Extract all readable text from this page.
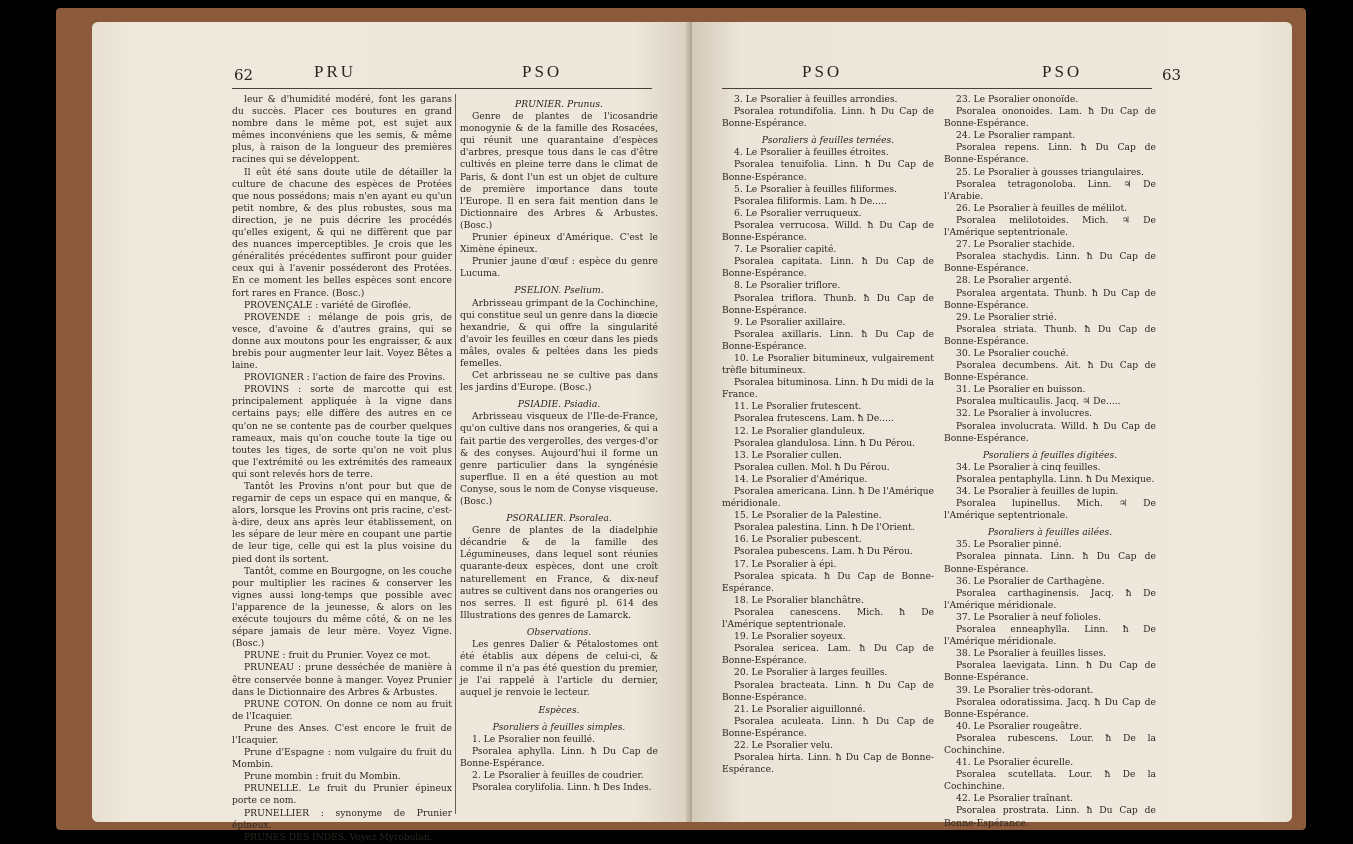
62	PRU	PSO

leur & d'humidité modéré, font les garans du succès. Placer ces boutures en grand nombre dans le même pot, est sujet aux mêmes inconvéniens que les semis, & même plus, à raison de la longueur des premières racines qui se développent.

Il eût été sans doute utile de détailler la culture de chacune des espèces de Protées que nous possédons; mais n'en ayant eu qu'un petit nombre, & des plus robustes, sous ma direction, je ne puis décrire les procédés qu'elles exigent, & qui ne diffèrent que par des nuances imperceptibles. Je crois que les généralités précédentes suffiront pour guider ceux qui à l'avenir posséderont des Protées. En ce moment les belles espèces sont encore fort rares en France. (Bosc.)

PROVENÇALE : variété de Giroflée.

PROVENDE : mélange de pois gris, de vesce, d'avoine & d'autres grains, qui se donne aux moutons pour les engraisser, & aux brebis pour augmenter leur lait. Voyez Bêtes a laine.

PROVIGNER : l'action de faire des Provins.

PROVINS : sorte de marcotte qui est principalement appliquée à la vigne dans certains pays; elle diffère des autres en ce qu'on ne se contente pas de courber quelques rameaux, mais qu'on couche toute la tige ou toutes les tiges, de sorte qu'on ne voit plus que l'extrémité ou les extrémités des rameaux qui sont relevés hors de terre.

Tantôt les Provins n'ont pour but que de regarnir de ceps un espace qui en manque, & alors, lorsque les Provins ont pris racine, c'est-à-dire, deux ans après leur établissement, on les sépare de leur mère en coupant une partie de leur tige, celle qui est la plus voisine du pied dont ils sortent.

Tantôt, comme en Bourgogne, on les couche pour multiplier les racines & conserver les vignes aussi long-temps que possible avec l'apparence de la jeunesse, & alors on les exécute toujours du même côté, & on ne les sépare jamais de leur mère. Voyez Vigne. (Bosc.)

PRUNE : fruit du Prunier. Voyez ce mot.

PRUNEAU : prune desséchée de manière à être conservée bonne à manger. Voyez Prunier dans le Dictionnaire des Arbres & Arbustes.

PRUNE COTON. On donne ce nom au fruit de l'Icaquier.

Prune des Anses. C'est encore le fruit de l'Icaquier.

Prune d'Espagne : nom vulgaire du fruit du Mombin.

Prune mombin : fruit du Mombin.

PRUNELLE. Le fruit du Prunier épineux porte ce nom.

PRUNELLIER : synonyme de Prunier épineux.

PRUNES DES INDES. Voyez Myrobolan.

PRUNIER. Prunus.

Genre de plantes de l'icosandrie monogynie & de la famille des Rosacées, qui réunit une quarantaine d'espèces d'arbres, presque tous dans le cas d'être cultivés en pleine terre dans le climat de Paris, & dont l'un est un objet de culture de première importance dans toute l'Europe. Il en sera fait mention dans le Dictionnaire des Arbres & Arbustes. (Bosc.)

Prunier épineux d'Amérique. C'est le Ximène épineux.

Prunier jaune d'œuf : espèce du genre Lucuma.

PSELION. Pselium.

Arbrisseau grimpant de la Cochinchine, qui constitue seul un genre dans la diœcie hexandrie, & qui offre la singularité d'avoir les feuilles en cœur dans les pieds mâles, ovales & peltées dans les pieds femelles.

Cet arbrisseau ne se cultive pas dans les jardins d'Europe. (Bosc.)

PSIADIE. Psiadia.

Arbrisseau visqueux de l'Ile-de-France, qu'on cultive dans nos orangeries, & qui a fait partie des vergerolles, des verges-d'or & des conyses. Aujourd'hui il forme un genre particulier dans la syngénésie superflue. Il en a été question au mot Conyse, sous le nom de Conyse visqueuse. (Bosc.)

PSORALIER. Psoralea.

Genre de plantes de la diadelphie décandrie & de la famille des Légumineuses, dans lequel sont réunies quarante-deux espèces, dont une croît naturellement en France, & dix-neuf autres se cultivent dans nos orangeries ou nos serres. Il est figuré pl. 614 des Illustrations des genres de Lamarck.

Observations.

Les genres Dalier & Pétalostomes ont été établis aux dépens de celui-ci, & comme il n'a pas été question du premier, je l'ai rappelé à l'article du dernier, auquel je renvoie le lecteur.

Espèces.

Psoraliers à feuilles simples.

1. Le Psoralier non feuillé.

Psoralea aphylla. Linn. ħ Du Cap de Bonne-Espérance.

2. Le Psoralier à feuilles de coudrier.

Psoralea corylifolia. Linn. ħ Des Indes.

PSO	PSO	63

3. Le Psoralier à feuilles arrondies.

Psoralea rotundifolia. Linn. ħ Du Cap de Bonne-Espérance.

Psoraliers à feuilles ternées.

4. Le Psoralier à feuilles étroites.

Psoralea tenuifolia. Linn. ħ Du Cap de Bonne-Espérance.

5. Le Psoralier à feuilles filiformes.

Psoralea filiformis. Lam. ħ De.....

6. Le Psoralier verruqueux.

Psoralea verrucosa. Willd. ħ Du Cap de Bonne-Espérance.

7. Le Psoralier capité.

Psoralea capitata. Linn. ħ Du Cap de Bonne-Espérance.

8. Le Psoralier triflore.

Psoralea triflora. Thunb. ħ Du Cap de Bonne-Espérance.

9. Le Psoralier axillaire.

Psoralea axillaris. Linn. ħ Du Cap de Bonne-Espérance.

10. Le Psoralier bitumineux, vulgairement trèfle bitumineux.

Psoralea bituminosa. Linn. ħ Du midi de la France.

11. Le Psoralier frutescent.

Psoralea frutescens. Lam. ħ De.....

12. Le Psoralier glanduleux.

Psoralea glandulosa. Linn. ħ Du Pérou.

13. Le Psoralier cullen.

Psoralea cullen. Mol. ħ Du Pérou.

14. Le Psoralier d'Amérique.

Psoralea americana. Linn. ħ De l'Amérique méridionale.

15. Le Psoralier de la Palestine.

Psoralea palestina. Linn. ħ De l'Orient.

16. Le Psoralier pubescent.

Psoralea pubescens. Lam. ħ Du Pérou.

17. Le Psoralier à épi.

Psoralea spicata. ħ Du Cap de Bonne-Espérance.

18. Le Psoralier blanchâtre.

Psoralea canescens. Mich. ħ De l'Amérique septentrionale.

19. Le Psoralier soyeux.

Psoralea sericea. Lam. ħ Du Cap de Bonne-Espérance.

20. Le Psoralier à larges feuilles.

Psoralea bracteata. Linn. ħ Du Cap de Bonne-Espérance.

21. Le Psoralier aiguillonné.

Psoralea aculeata. Linn. ħ Du Cap de Bonne-Espérance.

22. Le Psoralier velu.

Psoralea hirta. Linn. ħ Du Cap de Bonne-Espérance.

23. Le Psoralier ononoïde.

Psoralea ononoides. Lam. ħ Du Cap de Bonne-Espérance.

24. Le Psoralier rampant.

Psoralea repens. Linn. ħ Du Cap de Bonne-Espérance.

25. Le Psoralier à gousses triangulaires.

Psoralea tetragonoloba. Linn. ♃ De l'Arabie.

26. Le Psoralier à feuilles de mélilot.

Psoralea melilotoides. Mich. ♃ De l'Amérique septentrionale.

27. Le Psoralier stachide.

Psoralea stachydis. Linn. ħ Du Cap de Bonne-Espérance.

28. Le Psoralier argenté.

Psoralea argentata. Thunb. ħ Du Cap de Bonne-Espérance.

29. Le Psoralier strié.

Psoralea striata. Thunb. ħ Du Cap de Bonne-Espérance.

30. Le Psoralier couché.

Psoralea decumbens. Ait. ħ Du Cap de Bonne-Espérance.

31. Le Psoralier en buisson.

Psoralea multicaulis. Jacq. ♃ De.....

32. Le Psoralier à involucres.

Psoralea involucrata. Willd. ħ Du Cap de Bonne-Espérance.

Psoraliers à feuilles digitées.

34. Le Psoralier à cinq feuilles.

Psoralea pentaphylla. Linn. ħ Du Mexique.

34. Le Psoralier à feuilles de lupin.

Psoralea lupinellus. Mich. ♃ De l'Amérique septentrionale.

Psoraliers à feuilles ailées.

35. Le Psoralier pinné.

Psoralea pinnata. Linn. ħ Du Cap de Bonne-Espérance.

36. Le Psoralier de Carthagène.

Psoralea carthaginensis. Jacq. ħ De l'Amérique méridionale.

37. Le Psoralier à neuf folioles.

Psoralea enneaphylla. Linn. ħ De l'Amérique méridionale.

38. Le Psoralier à feuilles lisses.

Psoralea laevigata. Linn. ħ Du Cap de Bonne-Espérance.

39. Le Psoralier très-odorant.

Psoralea odoratissima. Jacq. ħ Du Cap de Bonne-Espérance.

40. Le Psoralier rougeâtre.

Psoralea rubescens. Lour. ħ De la Cochinchine.

41. Le Psoralier écurelle.

Psoralea scutellata. Lour. ħ De la Cochinchine.

42. Le Psoralier traînant.

Psoralea prostrata. Linn. ħ Du Cap de Bonne-Espérance.
